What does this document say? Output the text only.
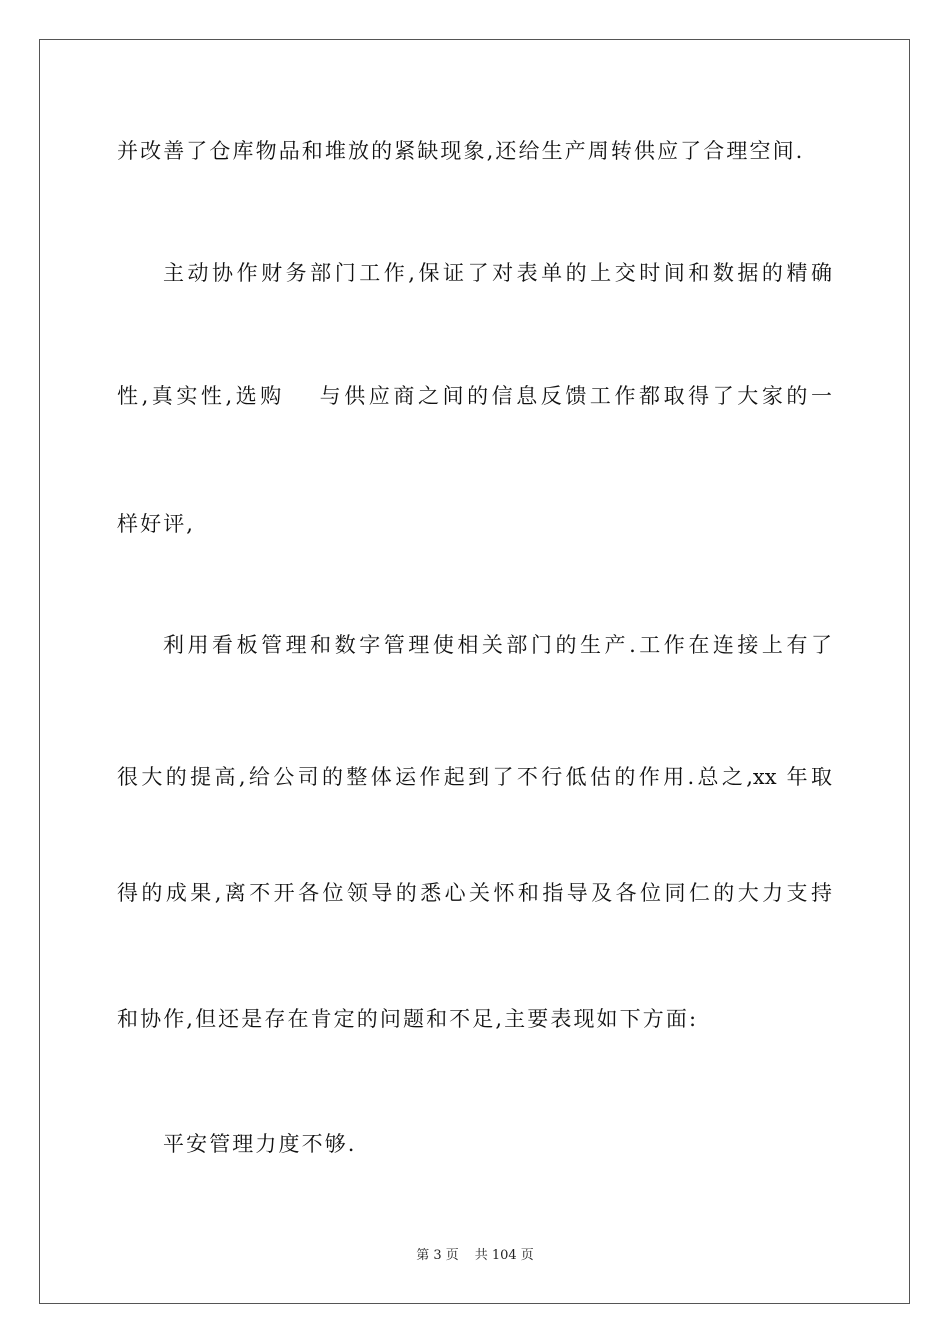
并改善了仓库物品和堆放的紧缺现象,还给生产周转供应了合理空间.
主动协作财务部门工作,保证了对表单的上交时间和数据的精确
性,真实性,选购　 与供应商之间的信息反馈工作都取得了大家的一
样好评,
利用看板管理和数字管理使相关部门的生产.工作在连接上有了
很大的提高,给公司的整体运作起到了不行低估的作用.总之,xx 年取
得的成果,离不开各位领导的悉心关怀和指导及各位同仁的大力支持
和协作,但还是存在肯定的问题和不足,主要表现如下方面:
平安管理力度不够.
第 3 页 共 104 页
